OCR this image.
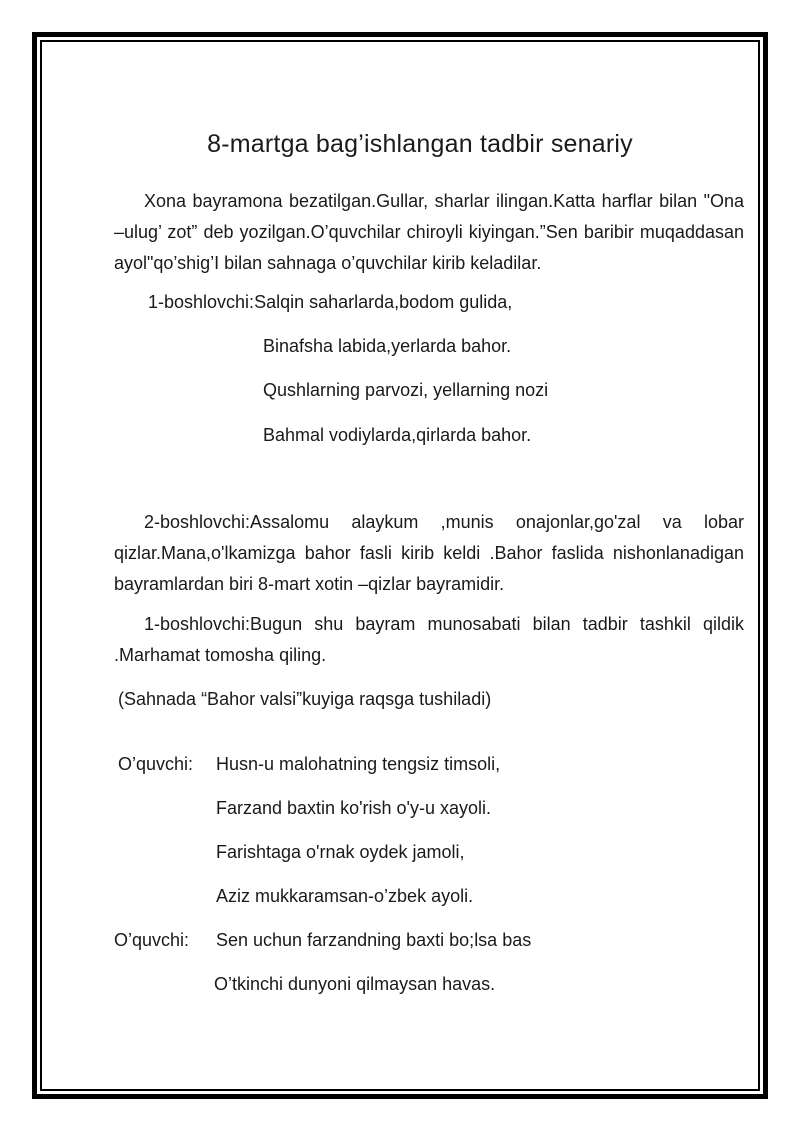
8-martga bag’ishlangan tadbir senariy

Xona bayramona bezatilgan.Gullar, sharlar ilingan.Katta harflar bilan "Ona –ulug’ zot” deb yozilgan.O’quvchilar chiroyli kiyingan.”Sen baribir muqaddasan ayol"qo’shig’I bilan sahnaga o’quvchilar kirib keladilar.

1-boshlovchi:Salqin saharlarda,bodom gulida,

Binafsha labida,yerlarda bahor.

Qushlarning parvozi, yellarning nozi

Bahmal vodiylarda,qirlarda bahor.

2-boshlovchi:Assalomu alaykum ,munis onajonlar,go'zal va lobar qizlar.Mana,o'lkamizga bahor fasli kirib keldi .Bahor faslida nishonlanadigan bayramlardan biri 8-mart xotin –qizlar bayramidir.

1-boshlovchi:Bugun shu bayram munosabati bilan tadbir tashkil qildik .Marhamat tomosha qiling.

(Sahnada “Bahor valsi”kuyiga raqsga tushiladi)

O’quvchi: Husn-u malohatning tengsiz timsoli,

Farzand baxtin ko'rish o'y-u xayoli.

Farishtaga o'rnak oydek jamoli,

Aziz mukkaramsan-o’zbek ayoli.

O’quvchi: Sen uchun farzandning baxti bo;lsa bas

O’tkinchi dunyoni qilmaysan havas.
